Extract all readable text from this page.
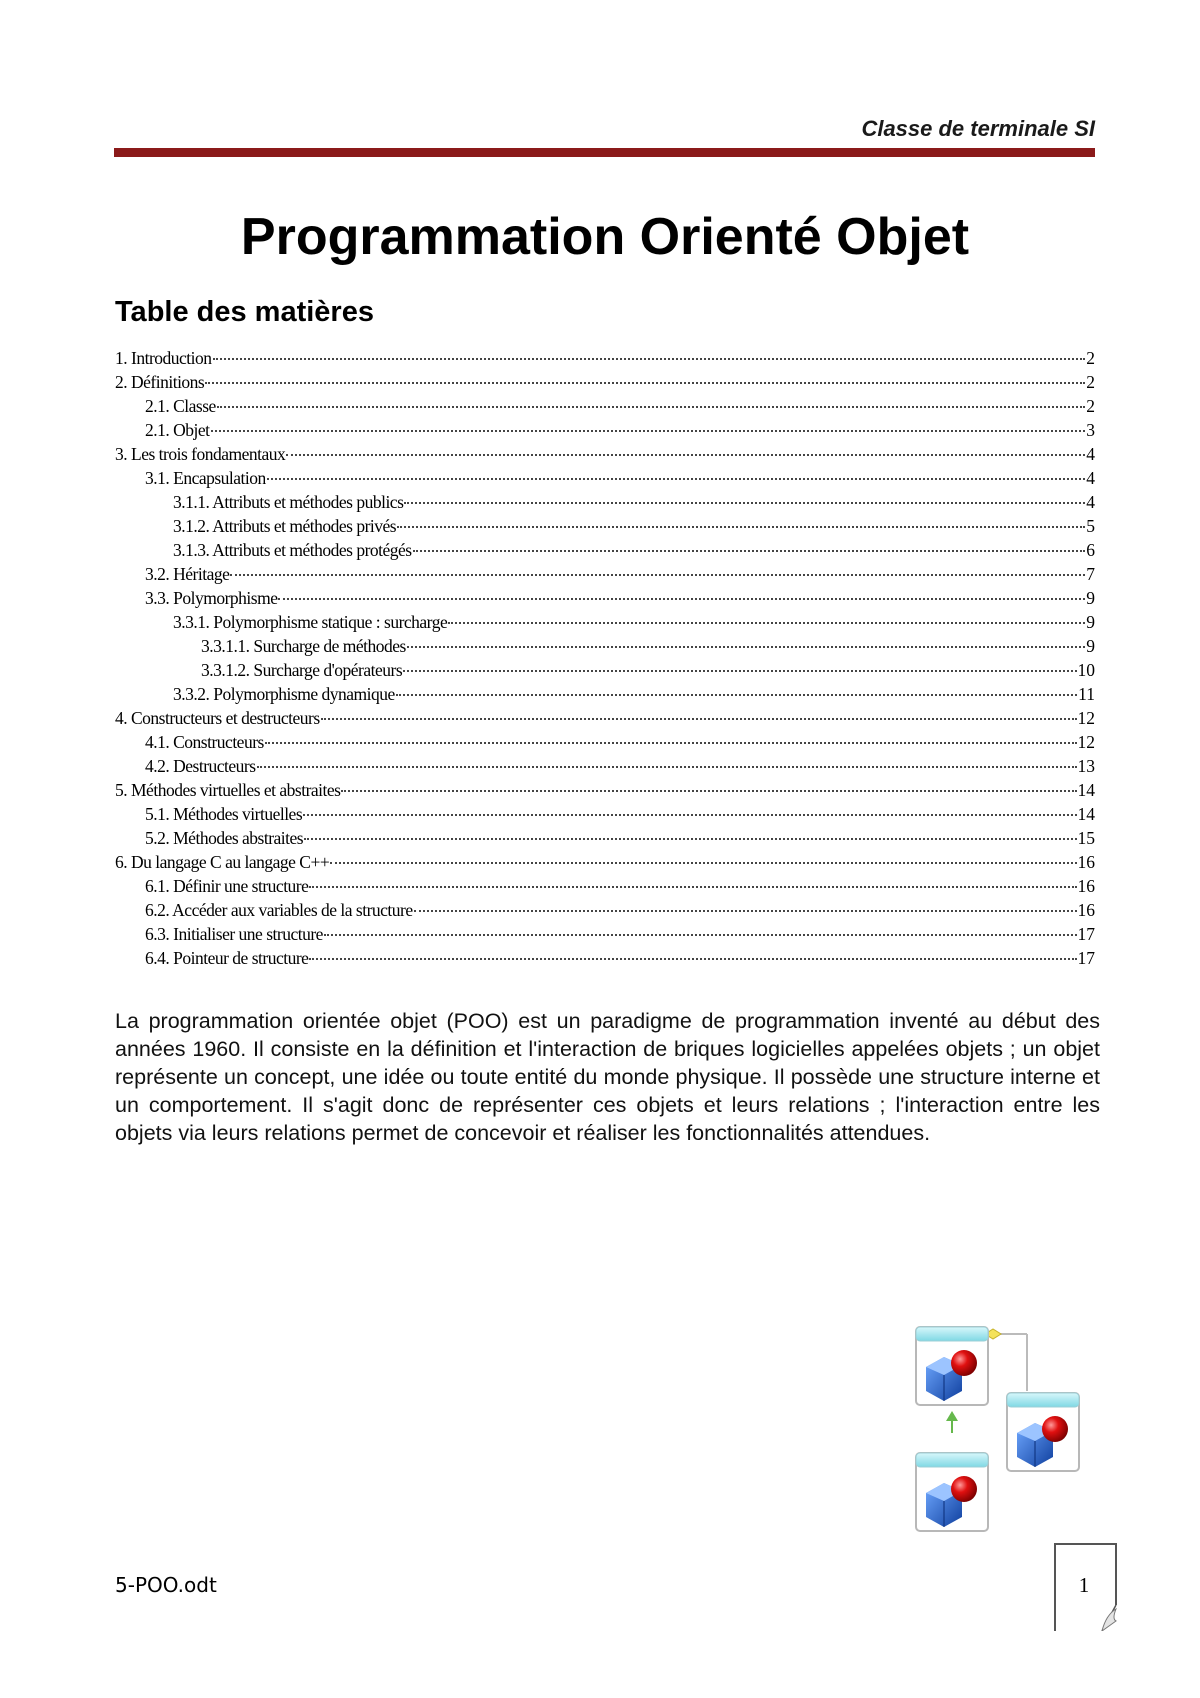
Classe de terminale SI
Programmation Orienté Objet
Table des matières
1. Introduction	2
2. Définitions	2
2.1. Classe	2
2.1. Objet	3
3. Les trois fondamentaux	4
3.1. Encapsulation	4
3.1.1. Attributs et méthodes publics	4
3.1.2. Attributs et méthodes privés	5
3.1.3. Attributs et méthodes protégés	6
3.2. Héritage	7
3.3. Polymorphisme	9
3.3.1. Polymorphisme statique : surcharge	9
3.3.1.1. Surcharge de méthodes	9
3.3.1.2. Surcharge d'opérateurs	10
3.3.2. Polymorphisme dynamique	11
4. Constructeurs et destructeurs	12
4.1. Constructeurs	12
4.2. Destructeurs	13
5. Méthodes virtuelles et abstraites	14
5.1. Méthodes virtuelles	14
5.2. Méthodes abstraites	15
6. Du langage C au langage C++	16
6.1. Définir une structure	16
6.2. Accéder aux variables de la structure	16
6.3. Initialiser une structure	17
6.4. Pointeur de structure	17

La programmation orientée objet (POO) est un paradigme de programmation inventé au début des années 1960. Il consiste en la définition et l'interaction de briques logicielles appelées objets ; un objet représente un concept, une idée ou toute entité du monde physique. Il possède une structure interne et un comportement. Il s'agit donc de représenter ces objets et leurs relations ; l'interaction entre les objets via leurs relations permet de concevoir et réaliser les fonctionnalités attendues.

5-POO.odt	1
